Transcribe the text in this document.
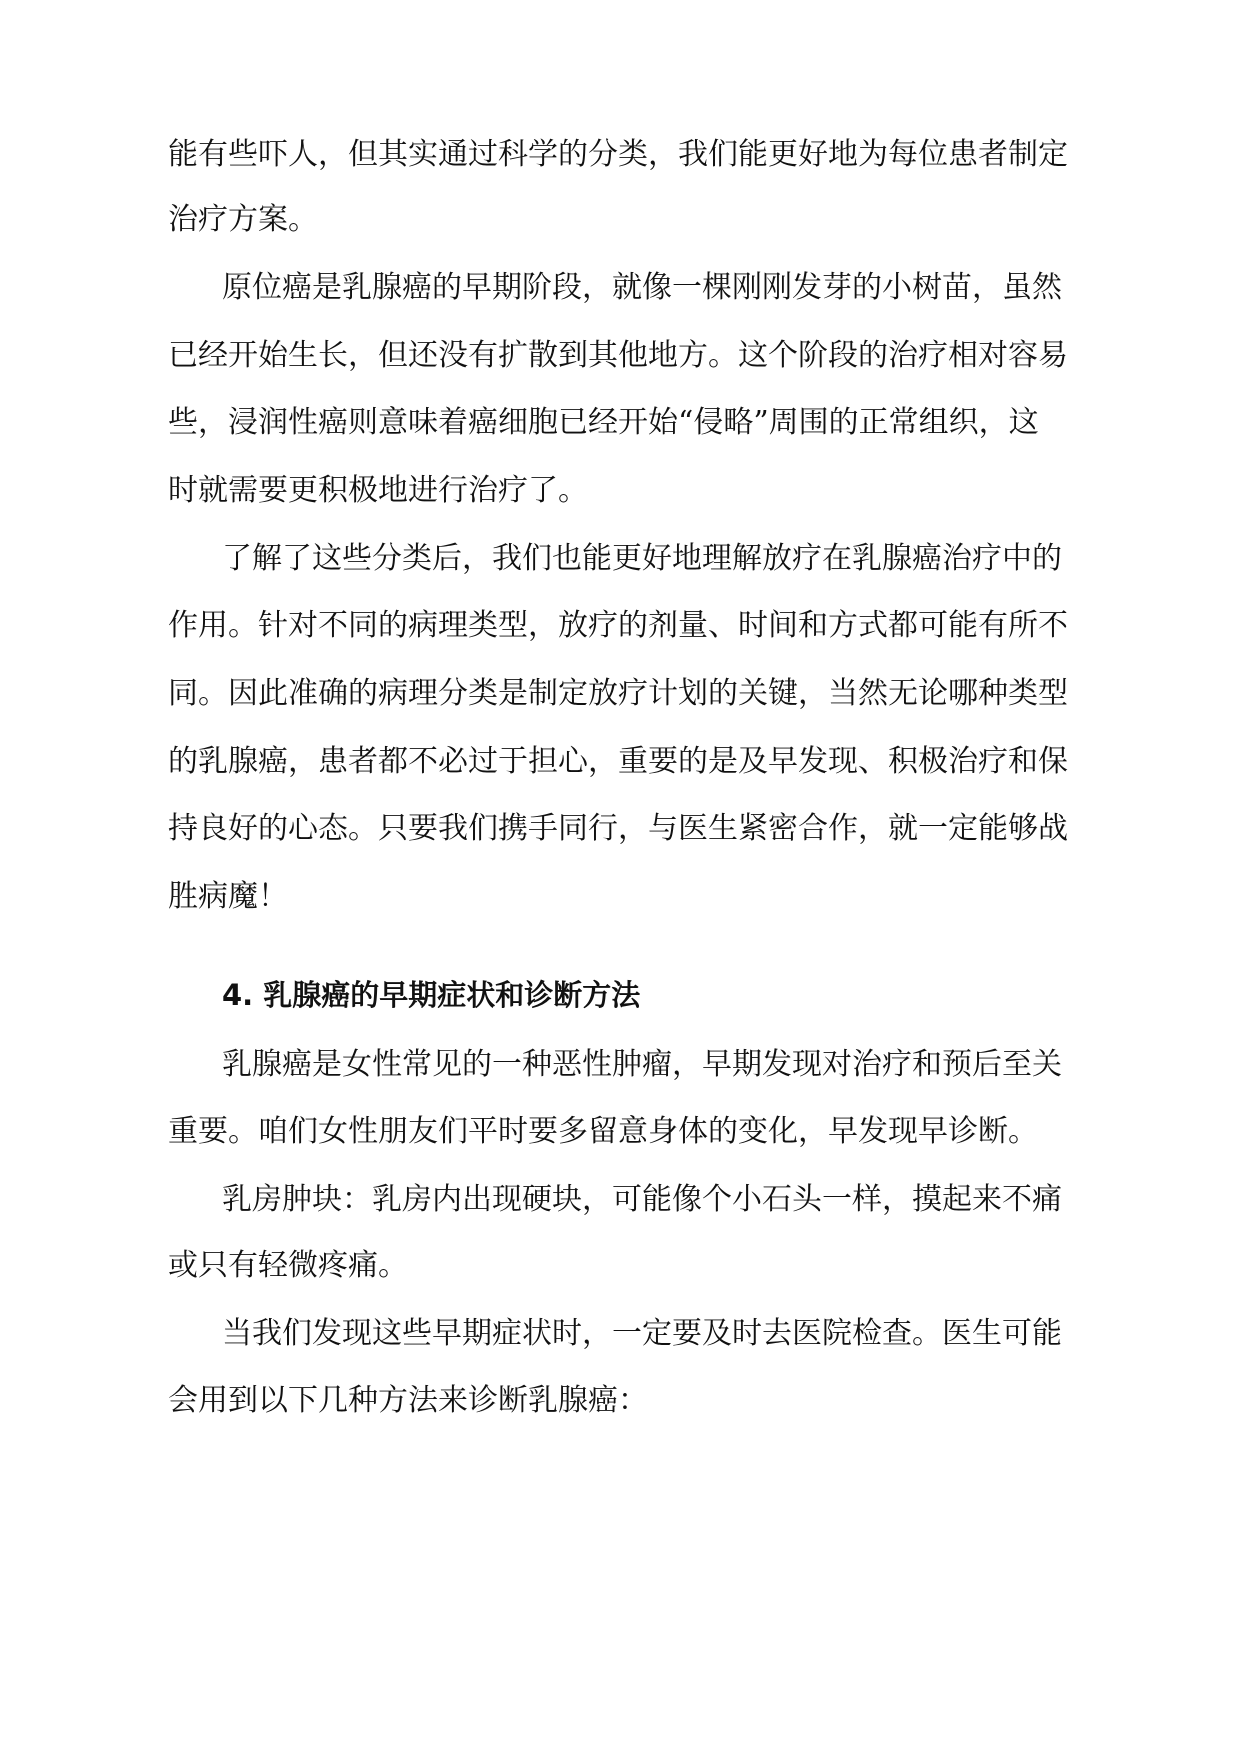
能有些吓人，但其实通过科学的分类，我们能更好地为每位患者制定

治疗方案。

原位癌是乳腺癌的早期阶段，就像一棵刚刚发芽的小树苗，虽然

已经开始生长，但还没有扩散到其他地方。这个阶段的治疗相对容易

些，浸润性癌则意味着癌细胞已经开始“侵略”周围的正常组织，这

时就需要更积极地进行治疗了。

了解了这些分类后，我们也能更好地理解放疗在乳腺癌治疗中的

作用。针对不同的病理类型，放疗的剂量、时间和方式都可能有所不

同。因此准确的病理分类是制定放疗计划的关键，当然无论哪种类型

的乳腺癌，患者都不必过于担心，重要的是及早发现、积极治疗和保

持良好的心态。只要我们携手同行，与医生紧密合作，就一定能够战

胜病魔！

4. 乳腺癌的早期症状和诊断方法

乳腺癌是女性常见的一种恶性肿瘤，早期发现对治疗和预后至关

重要。咱们女性朋友们平时要多留意身体的变化，早发现早诊断。

乳房肿块：乳房内出现硬块，可能像个小石头一样，摸起来不痛

或只有轻微疼痛。

当我们发现这些早期症状时，一定要及时去医院检查。医生可能

会用到以下几种方法来诊断乳腺癌：
